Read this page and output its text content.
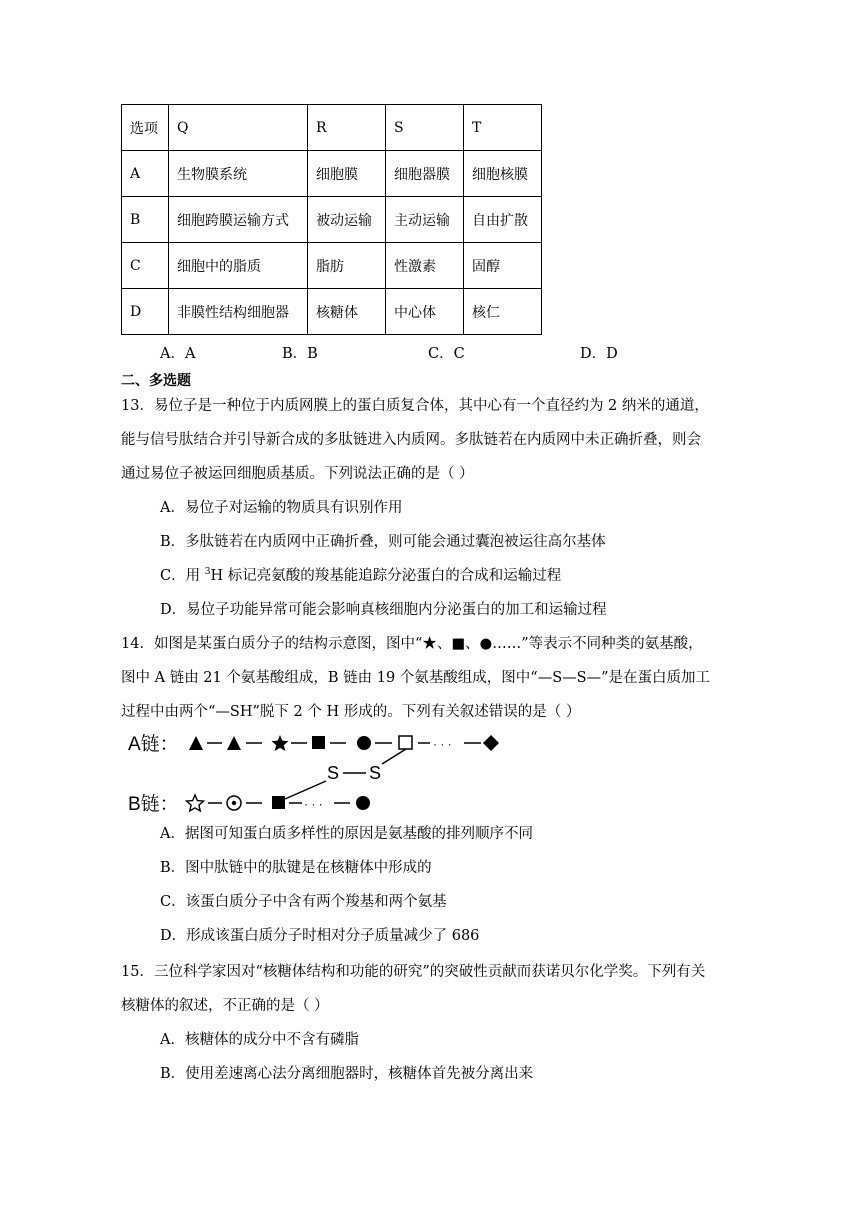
选项	Q	R	S	T
A	生物膜系统	细胞膜	细胞器膜	细胞核膜
B	细胞跨膜运输方式	被动运输	主动运输	自由扩散
C	细胞中的脂质	脂肪	性激素	固醇
D	非膜性结构细胞器	核糖体	中心体	核仁
A．A	B．B	C．C	D．D
二、多选题
13．易位子是一种位于内质网膜上的蛋白质复合体，其中心有一个直径约为 2 纳米的通道，
能与信号肽结合并引导新合成的多肽链进入内质网。多肽链若在内质网中未正确折叠，则会
通过易位子被运回细胞质基质。下列说法正确的是（ ）
A．易位子对运输的物质具有识别作用
B．多肽链若在内质网中正确折叠，则可能会通过囊泡被运往高尔基体
C．用 $^3$H 标记亮氨酸的羧基能追踪分泌蛋白的合成和运输过程
D．易位子功能异常可能会影响真核细胞内分泌蛋白的加工和运输过程
14．如图是某蛋白质分子的结构示意图，图中“★、■、●……”等表示不同种类的氨基酸，
图中 A 链由 21 个氨基酸组成，B 链由 19 个氨基酸组成，图中“—S—S—”是在蛋白质加工
过程中由两个“—SH”脱下 2 个 H 形成的。下列有关叙述错误的是（ ）
A链：	· · ·
S S
B链：	· · ·
A．据图可知蛋白质多样性的原因是氨基酸的排列顺序不同
B．图中肽链中的肽键是在核糖体中形成的
C．该蛋白质分子中含有两个羧基和两个氨基
D．形成该蛋白质分子时相对分子质量减少了 686
15．三位科学家因对“核糖体结构和功能的研究”的突破性贡献而获诺贝尔化学奖。下列有关
核糖体的叙述，不正确的是（ ）
A．核糖体的成分中不含有磷脂
B．使用差速离心法分离细胞器时，核糖体首先被分离出来
